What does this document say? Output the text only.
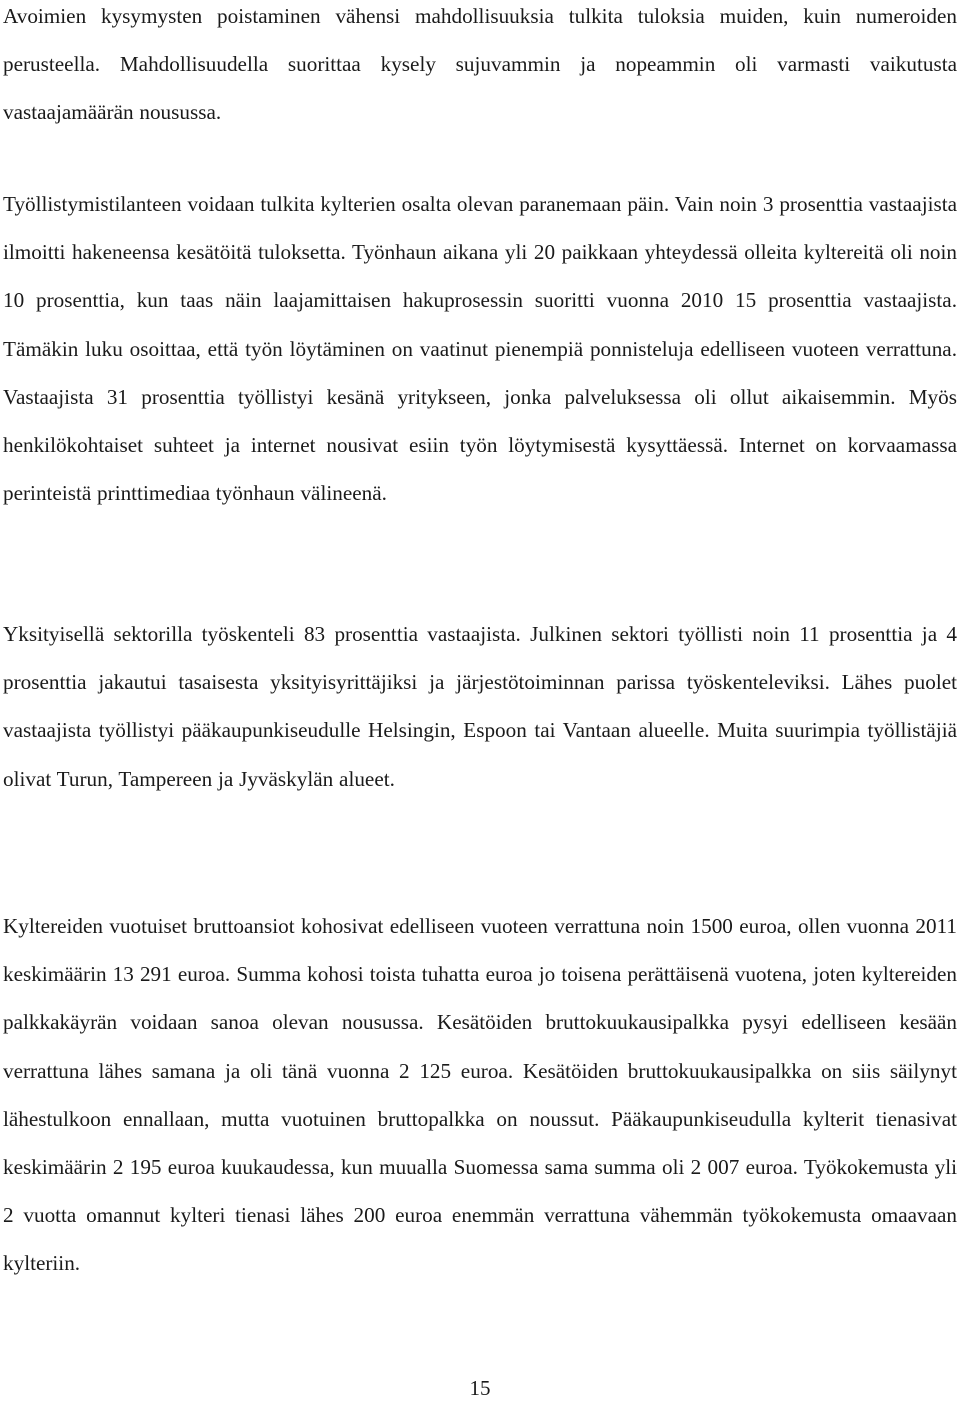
Avoimien kysymysten poistaminen vähensi mahdollisuuksia tulkita tuloksia muiden, kuin numeroiden perusteella. Mahdollisuudella suorittaa kysely sujuvammin ja nopeammin oli varmasti vaikutusta vastaajamäärän nousussa.

Työllistymistilanteen voidaan tulkita kylterien osalta olevan paranemaan päin. Vain noin 3 prosenttia vastaajista ilmoitti hakeneensa kesätöitä tuloksetta. Työnhaun aikana yli 20 paikkaan yhteydessä olleita kyltereitä oli noin 10 prosenttia, kun taas näin laajamittaisen hakuprosessin suoritti vuonna 2010 15 prosenttia vastaajista. Tämäkin luku osoittaa, että työn löytäminen on vaatinut pienempiä ponnisteluja edelliseen vuoteen verrattuna. Vastaajista 31 prosenttia työllistyi kesänä yritykseen, jonka palveluksessa oli ollut aikaisemmin. Myös henkilökohtaiset suhteet ja internet nousivat esiin työn löytymisestä kysyttäessä. Internet on korvaamassa perinteistä printtimediaa työnhaun välineenä.

Yksityisellä sektorilla työskenteli 83 prosenttia vastaajista. Julkinen sektori työllisti noin 11 prosenttia ja 4 prosenttia jakautui tasaisesta yksityisyrittäjiksi ja järjestötoiminnan parissa työskenteleviksi. Lähes puolet vastaajista työllistyi pääkaupunkiseudulle Helsingin, Espoon tai Vantaan alueelle. Muita suurimpia työllistäjiä olivat Turun, Tampereen ja Jyväskylän alueet.

Kyltereiden vuotuiset bruttoansiot kohosivat edelliseen vuoteen verrattuna noin 1500 euroa, ollen vuonna 2011 keskimäärin 13 291 euroa. Summa kohosi toista tuhatta euroa jo toisena perättäisenä vuotena, joten kyltereiden palkkakäyrän voidaan sanoa olevan nousussa. Kesätöiden bruttokuukausipalkka pysyi edelliseen kesään verrattuna lähes samana ja oli tänä vuonna 2 125 euroa. Kesätöiden bruttokuukausipalkka on siis säilynyt lähestulkoon ennallaan, mutta vuotuinen bruttopalkka on noussut. Pääkaupunkiseudulla kylterit tienasivat keskimäärin 2 195 euroa kuukaudessa, kun muualla Suomessa sama summa oli 2 007 euroa. Työkokemusta yli 2 vuotta omannut kylteri tienasi lähes 200 euroa enemmän verrattuna vähemmän työkokemusta omaavaan kylteriin.

15
